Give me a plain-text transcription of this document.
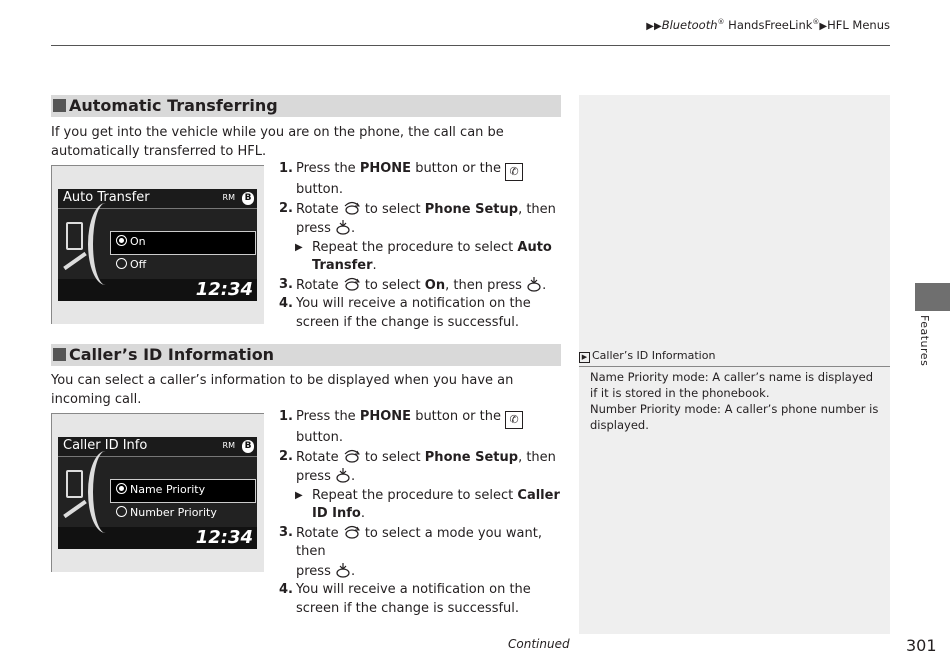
▶▶Bluetooth® HandsFreeLink®▶HFL Menus
Features
Automatic Transferring
If you get into the vehicle while you are on the phone, the call can be automatically transferred to HFL.
Auto Transfer	RM B
On
Off
12:34
1. Press the PHONE button or the ✆ button.
2. Rotate  to select Phone Setup, then
press .
▶ Repeat the procedure to select Auto Transfer.
3. Rotate  to select On, then press .
4. You will receive a notification on the screen if the change is successful.
Caller’s ID Information
You can select a caller’s information to be displayed when you have an incoming call.
Caller ID Info	RM B
Name Priority
Number Priority
12:34
1. Press the PHONE button or the ✆ button.
2. Rotate  to select Phone Setup, then
press .
▶ Repeat the procedure to select Caller ID Info.
3. Rotate  to select a mode you want, then
press .
4. You will receive a notification on the screen if the change is successful.
▶ Caller’s ID Information
Name Priority mode: A caller’s name is displayed if it is stored in the phonebook.
Number Priority mode: A caller’s phone number is displayed.
Continued	301
